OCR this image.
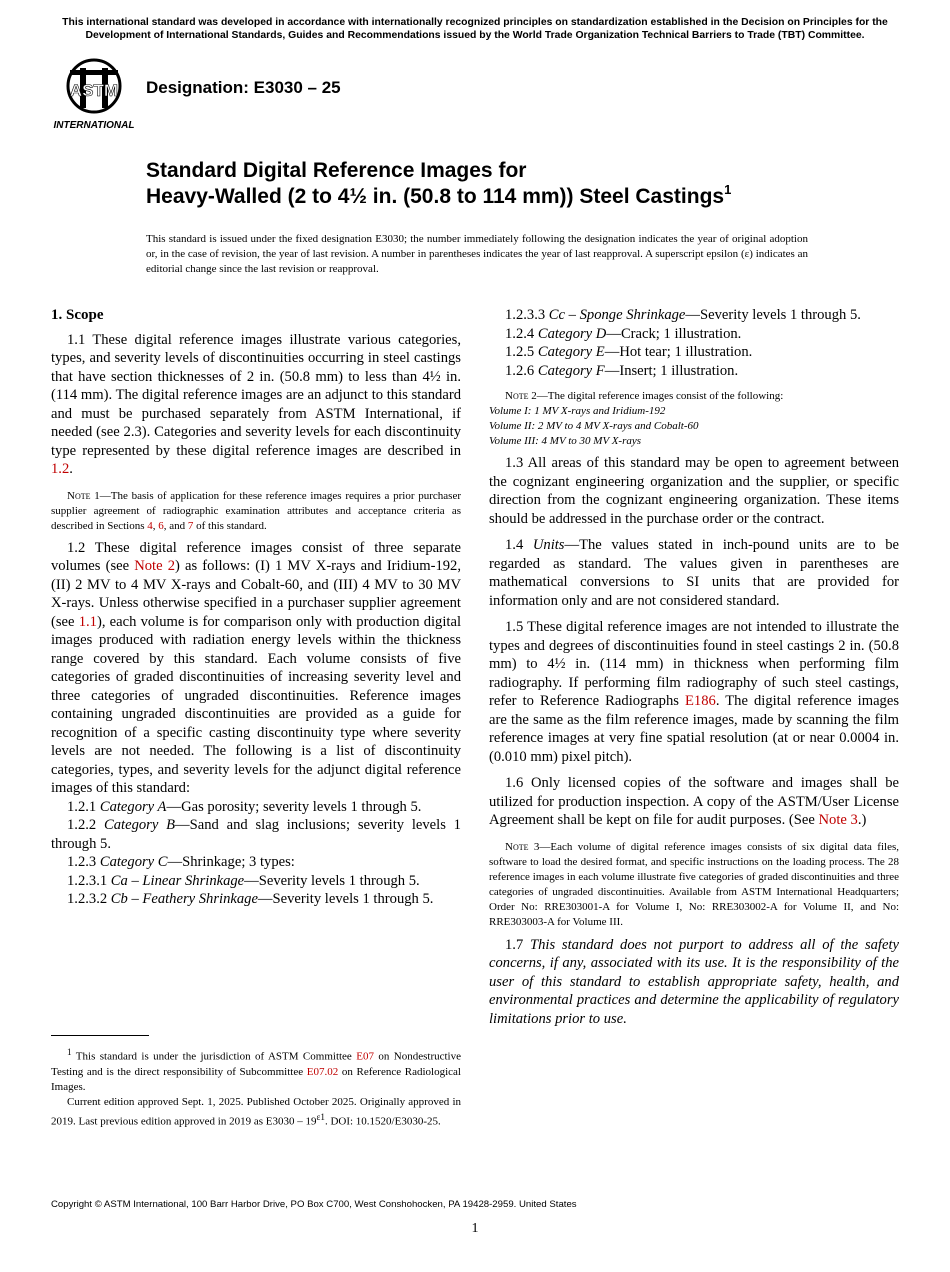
This international standard was developed in accordance with internationally recognized principles on standardization established in the Decision on Principles for the Development of International Standards, Guides and Recommendations issued by the World Trade Organization Technical Barriers to Trade (TBT) Committee.
ASTM
INTERNATIONAL
Designation: E3030 – 25
Standard Digital Reference Images for
Heavy-Walled (2 to 4½ in. (50.8 to 114 mm)) Steel Castings$^1$
This standard is issued under the fixed designation E3030; the number immediately following the designation indicates the year of original adoption or, in the case of revision, the year of last revision. A number in parentheses indicates the year of last reapproval. A superscript epsilon (ε) indicates an editorial change since the last revision or reapproval.

1. Scope

1.1 These digital reference images illustrate various categories, types, and severity levels of discontinuities occurring in steel castings that have section thicknesses of 2 in. (50.8 mm) to less than 4½ in. (114 mm). The digital reference images are an adjunct to this standard and must be purchased separately from ASTM International, if needed (see 2.3). Categories and severity levels for each discontinuity type represented by these digital reference images are described in 1.2.

Note 1—The basis of application for these reference images requires a prior purchaser supplier agreement of radiographic examination attributes and acceptance criteria as described in Sections 4, 6, and 7 of this standard.

1.2 These digital reference images consist of three separate volumes (see Note 2) as follows: (I) 1 MV X-rays and Iridium-192, (II) 2 MV to 4 MV X-rays and Cobalt-60, and (III) 4 MV to 30 MV X-rays. Unless otherwise specified in a purchaser supplier agreement (see 1.1), each volume is for comparison only with production digital images produced with radiation energy levels within the thickness range covered by this standard. Each volume consists of five categories of graded discontinuities of increasing severity level and three categories of ungraded discontinuities. Reference images containing ungraded discontinuities are provided as a guide for recognition of a specific casting discontinuity type where severity levels are not needed. The following is a list of discontinuity categories, types, and severity levels for the adjunct digital reference images of this standard:

1.2.1 Category A—Gas porosity; severity levels 1 through 5.

1.2.2 Category B—Sand and slag inclusions; severity levels 1 through 5.

1.2.3 Category C—Shrinkage; 3 types:

1.2.3.1 Ca – Linear Shrinkage—Severity levels 1 through 5.

1.2.3.2 Cb – Feathery Shrinkage—Severity levels 1 through 5.

$^1$ This standard is under the jurisdiction of ASTM Committee E07 on Nondestructive Testing and is the direct responsibility of Subcommittee E07.02 on Reference Radiological Images.

Current edition approved Sept. 1, 2025. Published October 2025. Originally approved in 2019. Last previous edition approved in 2019 as $E3030 - 19^{\varepsilon 1}$. DOI: 10.1520/E3030-25.

1.2.3.3 Cc – Sponge Shrinkage—Severity levels 1 through 5.

1.2.4 Category D—Crack; 1 illustration.

1.2.5 Category E—Hot tear; 1 illustration.

1.2.6 Category F—Insert; 1 illustration.

Note 2—The digital reference images consist of the following:
Volume I: 1 MV X-rays and Iridium-192
Volume II: 2 MV to 4 MV X-rays and Cobalt-60
Volume III: 4 MV to 30 MV X-rays

1.3 All areas of this standard may be open to agreement between the cognizant engineering organization and the supplier, or specific direction from the cognizant engineering organization. These items should be addressed in the purchase order or the contract.

1.4 Units—The values stated in inch-pound units are to be regarded as standard. The values given in parentheses are mathematical conversions to SI units that are provided for information only and are not considered standard.

1.5 These digital reference images are not intended to illustrate the types and degrees of discontinuities found in steel castings 2 in. (50.8 mm) to 4½ in. (114 mm) in thickness when performing film radiography. If performing film radiography of such steel castings, refer to Reference Radiographs E186. The digital reference images are the same as the film reference images, made by scanning the film reference images at very fine spatial resolution (at or near 0.0004 in. (0.010 mm) pixel pitch).

1.6 Only licensed copies of the software and images shall be utilized for production inspection. A copy of the ASTM/User License Agreement shall be kept on file for audit purposes. (See Note 3.)

Note 3—Each volume of digital reference images consists of six digital data files, software to load the desired format, and specific instructions on the loading process. The 28 reference images in each volume illustrate five categories of graded discontinuities and three categories of ungraded discontinuities. Available from ASTM International Headquarters; Order No: RRE303001-A for Volume I, No: RRE303002-A for Volume II, and No: RRE303003-A for Volume III.

1.7 This standard does not purport to address all of the safety concerns, if any, associated with its use. It is the responsibility of the user of this standard to establish appropriate safety, health, and environmental practices and determine the applicability of regulatory limitations prior to use.

Copyright © ASTM International, 100 Barr Harbor Drive, PO Box C700, West Conshohocken, PA 19428-2959. United States
1
